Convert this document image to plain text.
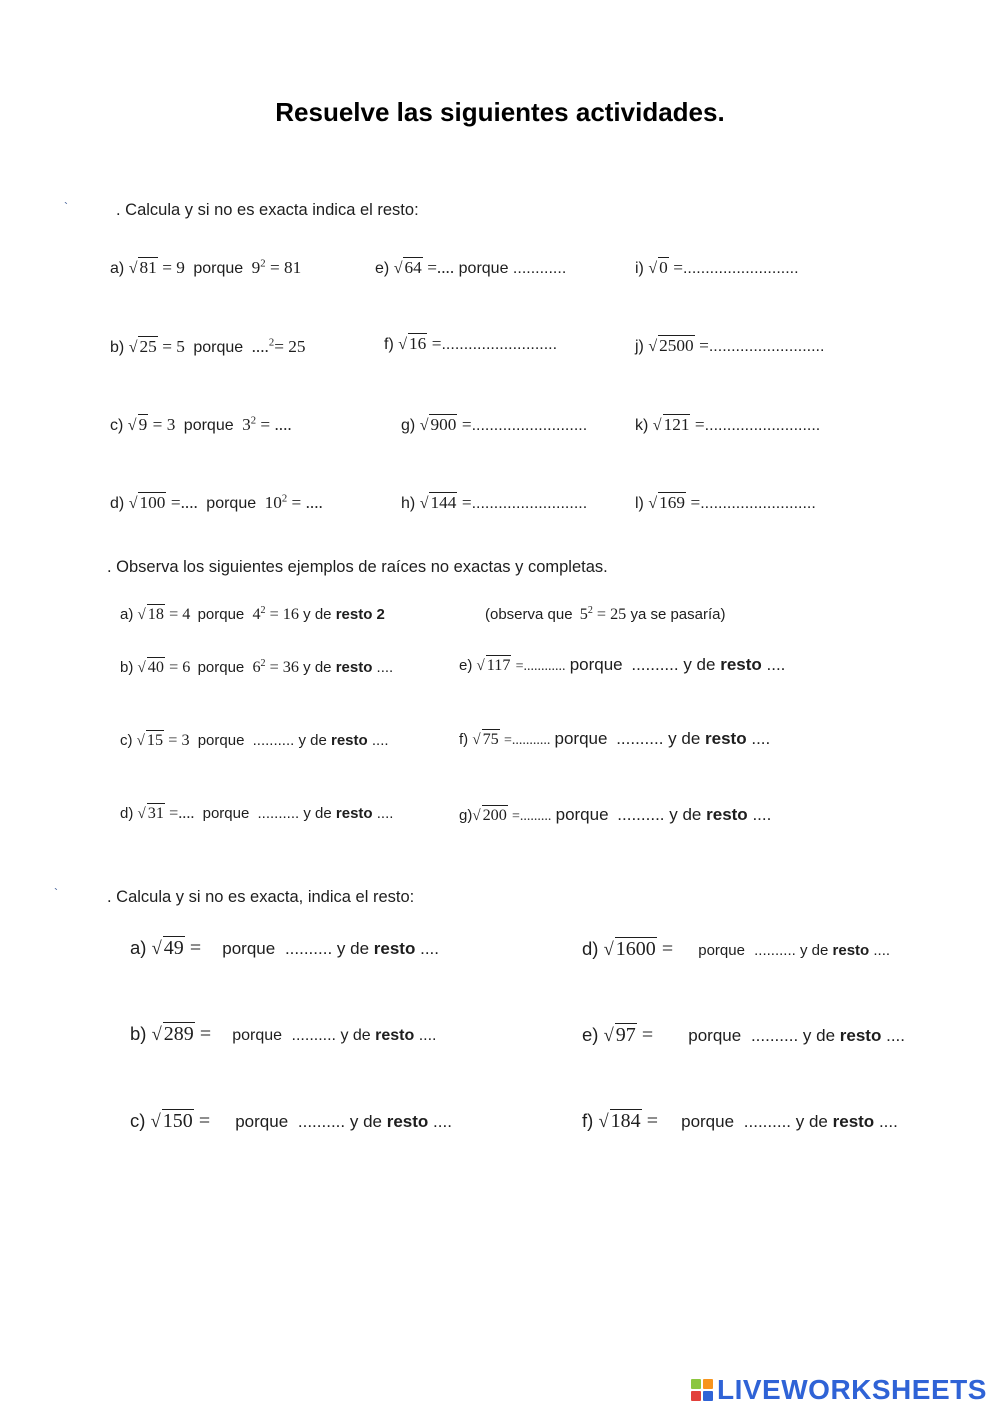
Resuelve las siguientes actividades.
`	. Calcula y si no es exacta indica el resto:
a) √ 81 = 9 porque $9^2 = 81$
b) √ 25 = 5 porque ....$^2$= 25
c) √ 9 = 3 porque $3^2$ = ....
d) √ 100 =.... porque $10^2$ = ....
e) √ 64 =.... porque ............
f) √ 16 =..........................
g) √ 900 =..........................
h) √ 144 =..........................
i) √ 0 =..........................
j) √ 2500 =..........................
k) √ 121 =..........................
l) √ 169 =..........................
. Observa los siguientes ejemplos de raíces no exactas y completas.
a) √ 18 = 4 porque $4^2 = 16$ y de resto 2	(observa que $5^2 = 25$ ya se pasaría)
b) √ 40 = 6 porque $6^2 = 36$ y de resto ....
c) √ 15 = 3 porque .......... y de resto ....
d) √ 31 =.... porque .......... y de resto ....
e) √ 117 =............ porque .......... y de resto ....
f) √ 75 =........... porque .......... y de resto ....
g)√ 200 =......... porque .......... y de resto ....
`	. Calcula y si no es exacta, indica el resto:
a) √ 49 = porque .......... y de resto ....
b) √ 289 = porque .......... y de resto ....
c) √ 150 = porque .......... y de resto ....
d) √ 1600 = porque .......... y de resto ....
e) √ 97 = porque .......... y de resto ....
f) √ 184 = porque .......... y de resto ....
LIVEWORKSHEETS
